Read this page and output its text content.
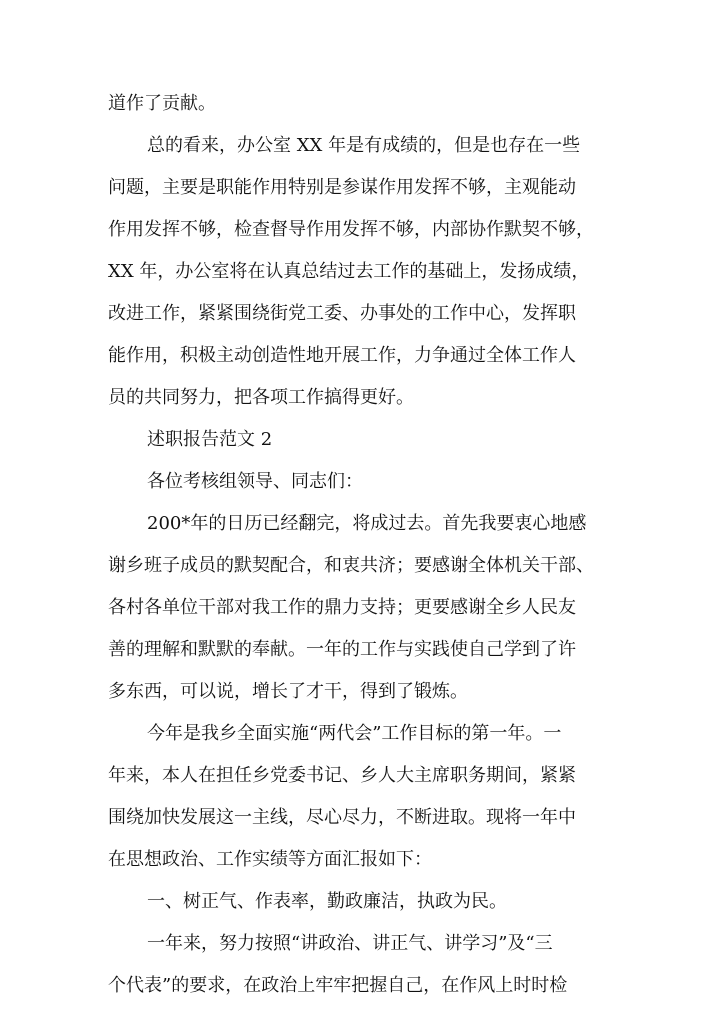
道作了贡献。
总的看来，办公室 XX 年是有成绩的，但是也存在一些
问题，主要是职能作用特别是参谋作用发挥不够，主观能动
作用发挥不够，检查督导作用发挥不够，内部协作默契不够，
XX 年，办公室将在认真总结过去工作的基础上，发扬成绩，
改进工作，紧紧围绕街党工委、办事处的工作中心，发挥职
能作用，积极主动创造性地开展工作，力争通过全体工作人
员的共同努力，把各项工作搞得更好。
述职报告范文 2
各位考核组领导、同志们：
200*年的日历已经翻完，将成过去。首先我要衷心地感
谢乡班子成员的默契配合，和衷共济；要感谢全体机关干部、
各村各单位干部对我工作的鼎力支持；更要感谢全乡人民友
善的理解和默默的奉献。一年的工作与实践使自己学到了许
多东西，可以说，增长了才干，得到了锻炼。
今年是我乡全面实施“两代会”工作目标的第一年。一
年来，本人在担任乡党委书记、乡人大主席职务期间，紧紧
围绕加快发展这一主线，尽心尽力，不断进取。现将一年中
在思想政治、工作实绩等方面汇报如下：
一、树正气、作表率，勤政廉洁，执政为民。
一年来，努力按照“讲政治、讲正气、讲学习”及“三
个代表”的要求，在政治上牢牢把握自己，在作风上时时检
